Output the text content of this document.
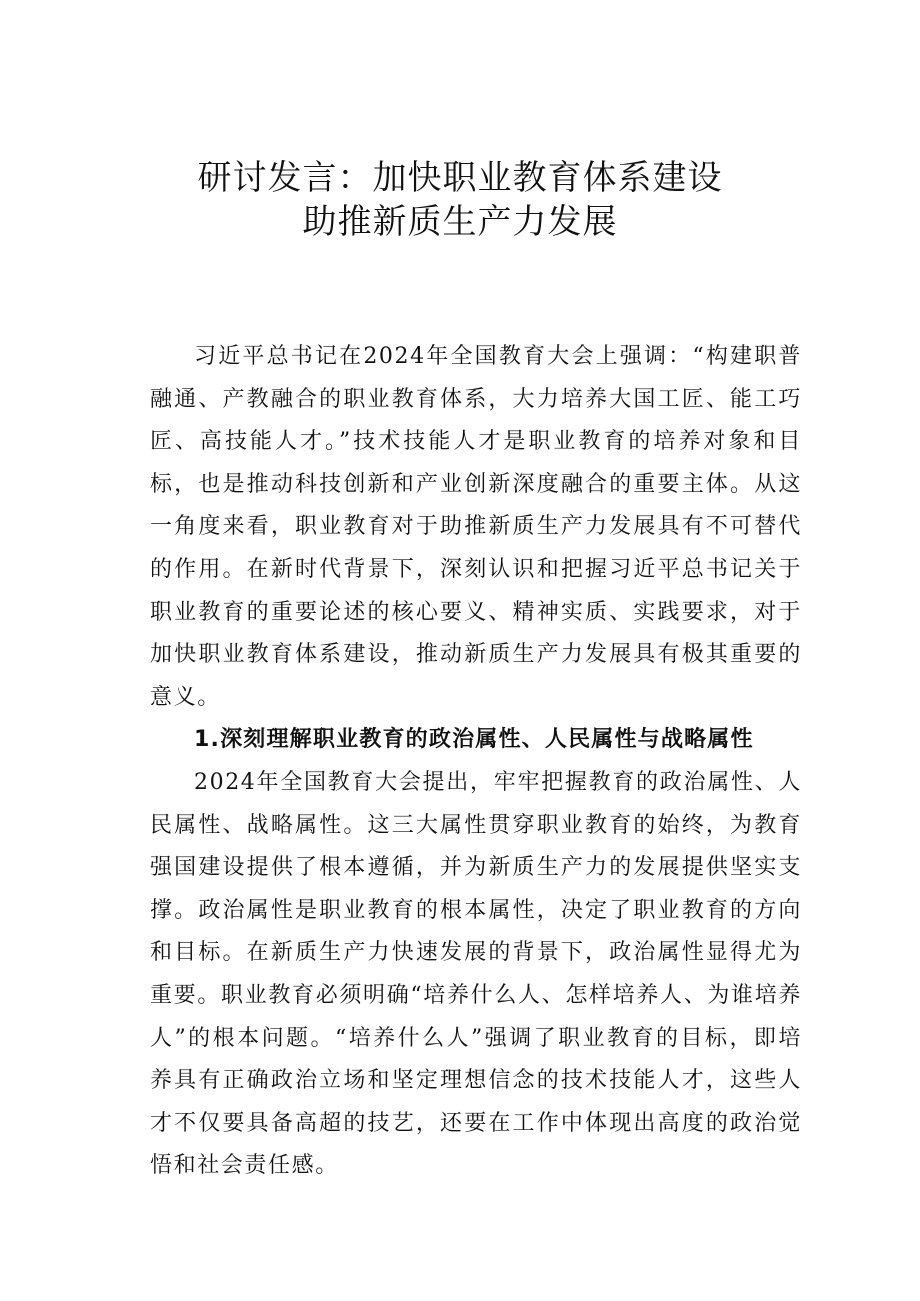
研讨发言：加快职业教育体系建设
助推新质生产力发展

习近平总书记在2024年全国教育大会上强调：“构建职普融通、产教融合的职业教育体系，大力培养大国工匠、能工巧匠、高技能人才。”技术技能人才是职业教育的培养对象和目标，也是推动科技创新和产业创新深度融合的重要主体。从这一角度来看，职业教育对于助推新质生产力发展具有不可替代的作用。在新时代背景下，深刻认识和把握习近平总书记关于职业教育的重要论述的核心要义、精神实质、实践要求，对于加快职业教育体系建设，推动新质生产力发展具有极其重要的意义。

1.深刻理解职业教育的政治属性、人民属性与战略属性

2024年全国教育大会提出，牢牢把握教育的政治属性、人民属性、战略属性。这三大属性贯穿职业教育的始终，为教育强国建设提供了根本遵循，并为新质生产力的发展提供坚实支撑。政治属性是职业教育的根本属性，决定了职业教育的方向和目标。在新质生产力快速发展的背景下，政治属性显得尤为重要。职业教育必须明确“培养什么人、怎样培养人、为谁培养人”的根本问题。“培养什么人”强调了职业教育的目标，即培养具有正确政治立场和坚定理想信念的技术技能人才，这些人才不仅要具备高超的技艺，还要在工作中体现出高度的政治觉悟和社会责任感。
